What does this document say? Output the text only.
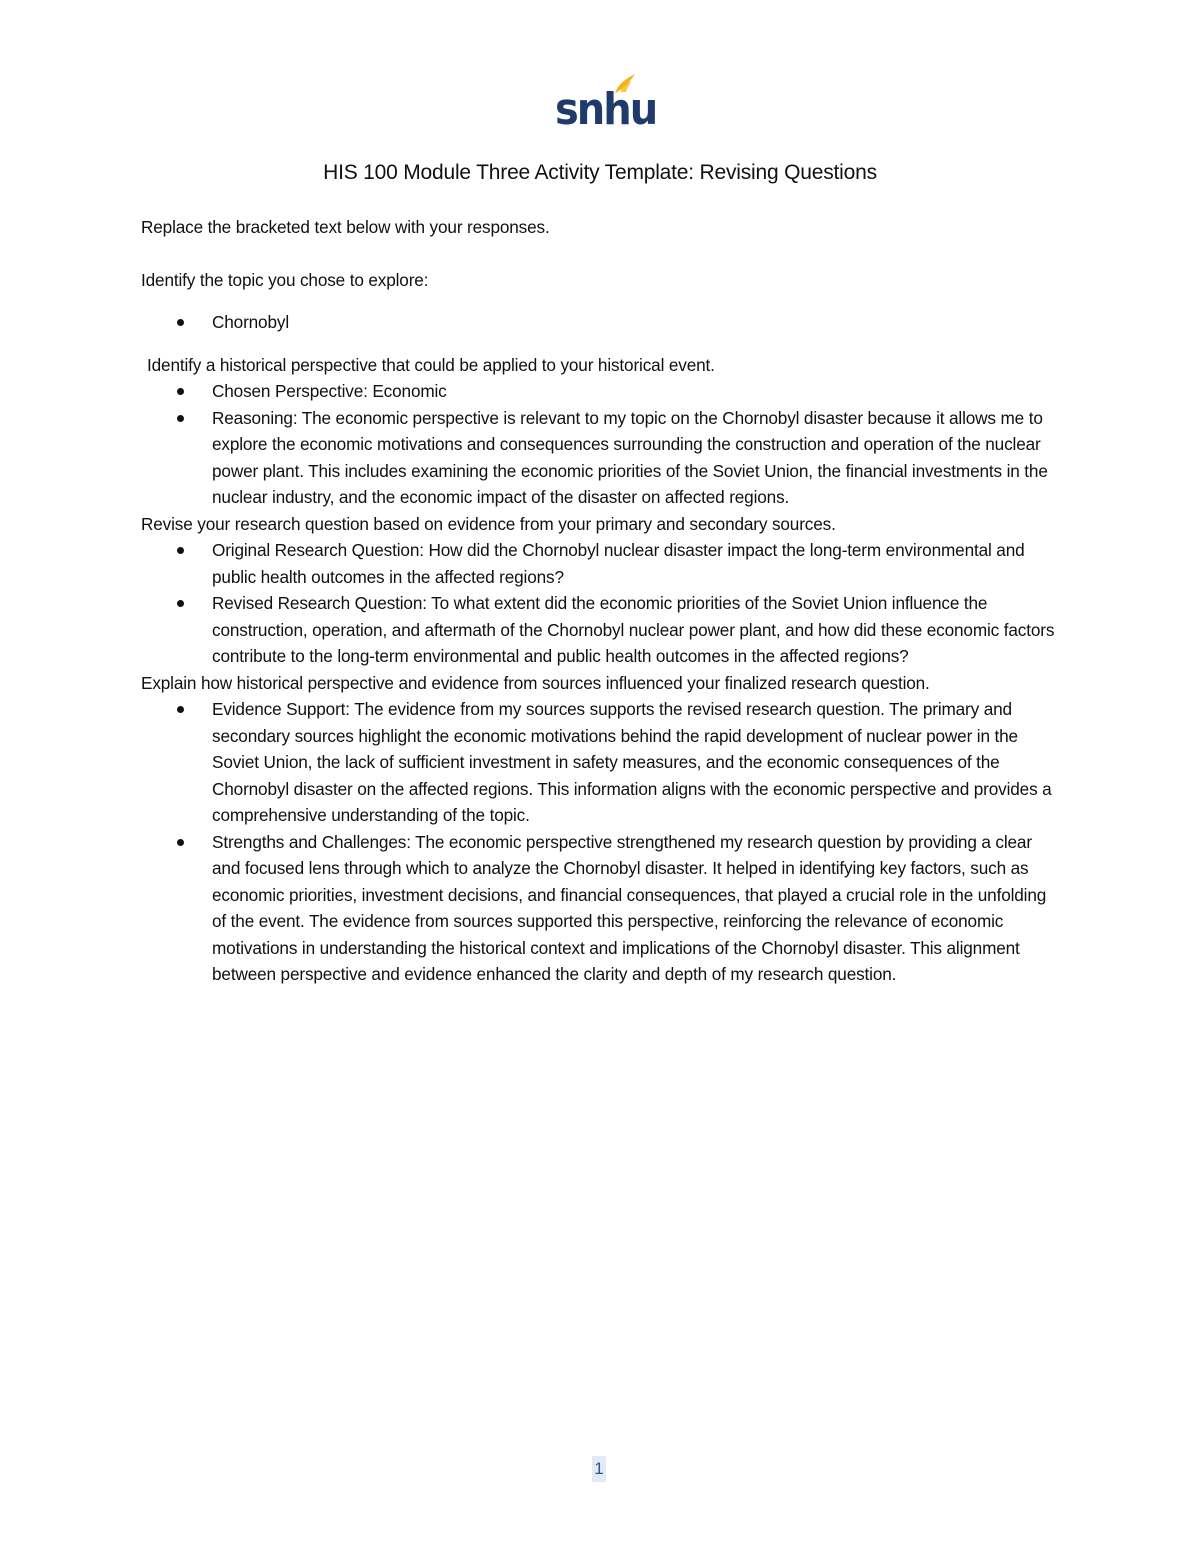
snhu
HIS 100 Module Three Activity Template: Revising Questions

Replace the bracketed text below with your responses.

Identify the topic you chose to explore:

Chornobyl

Identify a historical perspective that could be applied to your historical event.

Chosen Perspective: Economic
Reasoning: The economic perspective is relevant to my topic on the Chornobyl disaster because it allows me to explore the economic motivations and consequences surrounding the construction and operation of the nuclear power plant. This includes examining the economic priorities of the Soviet Union, the financial investments in the nuclear industry, and the economic impact of the disaster on affected regions.

Revise your research question based on evidence from your primary and secondary sources.

Original Research Question: How did the Chornobyl nuclear disaster impact the long-term environmental and public health outcomes in the affected regions?
Revised Research Question: To what extent did the economic priorities of the Soviet Union influence the construction, operation, and aftermath of the Chornobyl nuclear power plant, and how did these economic factors contribute to the long-term environmental and public health outcomes in the affected regions?

Explain how historical perspective and evidence from sources influenced your finalized research question.

Evidence Support: The evidence from my sources supports the revised research question. The primary and secondary sources highlight the economic motivations behind the rapid development of nuclear power in the Soviet Union, the lack of sufficient investment in safety measures, and the economic consequences of the Chornobyl disaster on the affected regions. This information aligns with the economic perspective and provides a comprehensive understanding of the topic.
Strengths and Challenges: The economic perspective strengthened my research question by providing a clear and focused lens through which to analyze the Chornobyl disaster. It helped in identifying key factors, such as economic priorities, investment decisions, and financial consequences, that played a crucial role in the unfolding of the event. The evidence from sources supported this perspective, reinforcing the relevance of economic motivations in understanding the historical context and implications of the Chornobyl disaster. This alignment between perspective and evidence enhanced the clarity and depth of my research question.
1
